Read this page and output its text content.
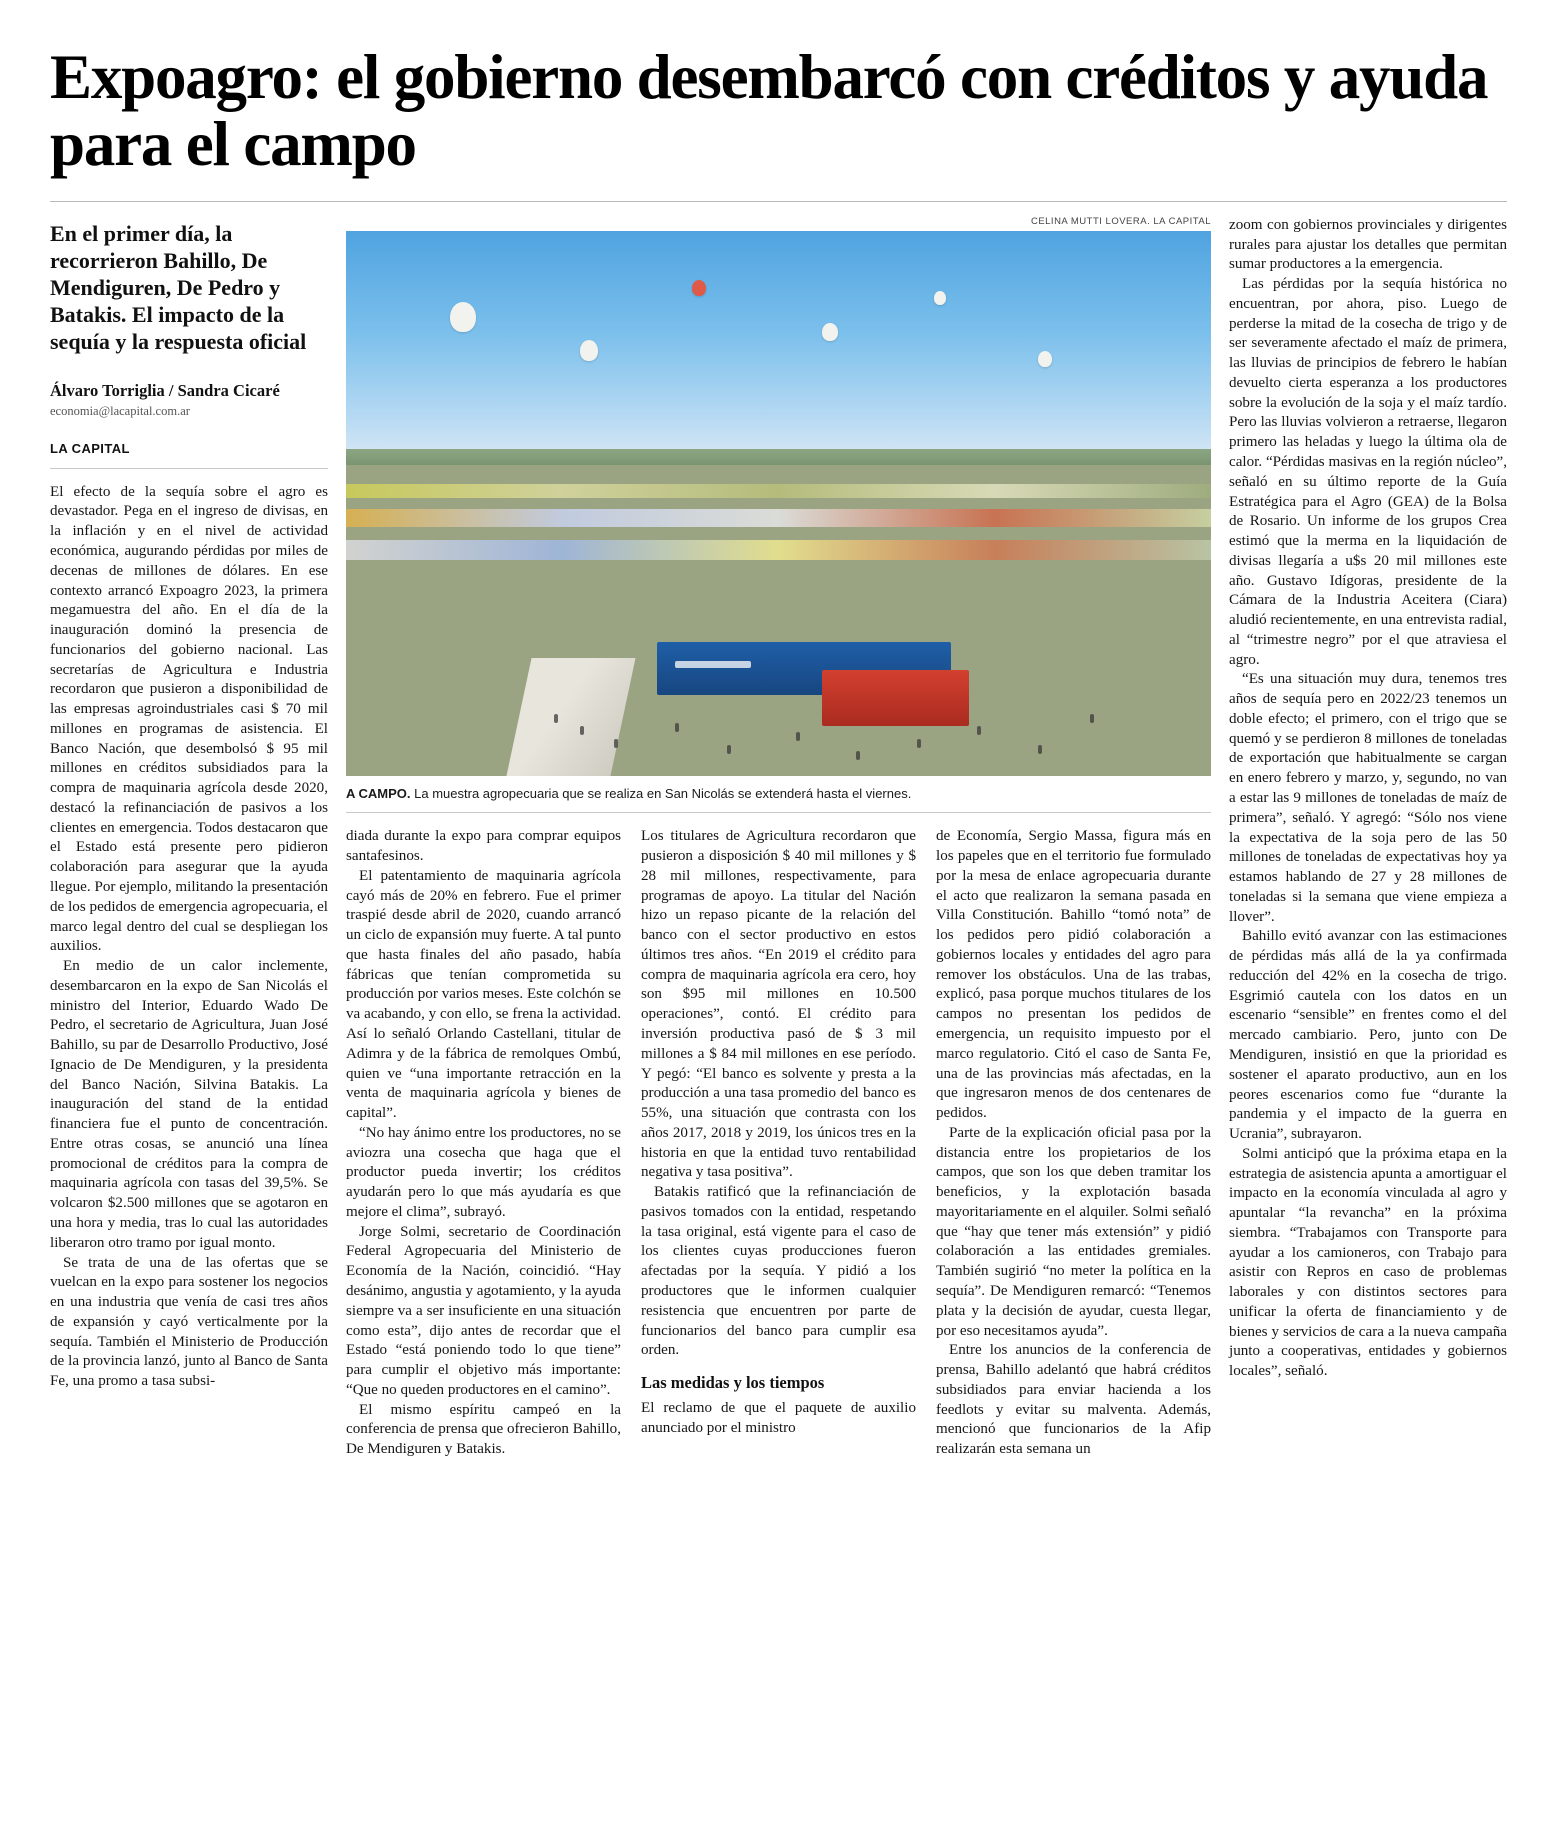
Expoagro: el gobierno desembarcó con créditos y ayuda para el campo
En el primer día, la recorrieron Bahillo, De Mendiguren, De Pedro y Batakis. El impacto de la sequía y la respuesta oficial
Álvaro Torriglia / Sandra Cicaré
economia@lacapital.com.ar
LA CAPITAL

El efecto de la sequía sobre el agro es devastador. Pega en el ingreso de divisas, en la inflación y en el nivel de actividad económica, augurando pérdidas por miles de decenas de millones de dólares. En ese contexto arrancó Expoagro 2023, la primera megamuestra del año. En el día de la inauguración dominó la presencia de funcionarios del gobierno nacional. Las secretarías de Agricultura e Industria recordaron que pusieron a disponibilidad de las empresas agroindustriales casi $ 70 mil millones en programas de asistencia. El Banco Nación, que desembolsó $ 95 mil millones en créditos subsidiados para la compra de maquinaria agrícola desde 2020, destacó la refinanciación de pasivos a los clientes en emergencia. Todos destacaron que el Estado está presente pero pidieron colaboración para asegurar que la ayuda llegue. Por ejemplo, militando la presentación de los pedidos de emergencia agropecuaria, el marco legal dentro del cual se despliegan los auxilios.

En medio de un calor inclemente, desembarcaron en la expo de San Nicolás el ministro del Interior, Eduardo Wado De Pedro, el secretario de Agricultura, Juan José Bahillo, su par de Desarrollo Productivo, José Ignacio de De Mendiguren, y la presidenta del Banco Nación, Silvina Batakis. La inauguración del stand de la entidad financiera fue el punto de concentración. Entre otras cosas, se anunció una línea promocional de créditos para la compra de maquinaria agrícola con tasas del 39,5%. Se volcaron $2.500 millones que se agotaron en una hora y media, tras lo cual las autoridades liberaron otro tramo por igual monto.

Se trata de una de las ofertas que se vuelcan en la expo para sostener los negocios en una industria que venía de casi tres años de expansión y cayó verticalmente por la sequía. También el Ministerio de Producción de la provincia lanzó, junto al Banco de Santa Fe, una promo a tasa subsi-

CELINA MUTTI LOVERA. LA CAPITAL
A CAMPO. La muestra agropecuaria que se realiza en San Nicolás se extenderá hasta el viernes.

diada durante la expo para comprar equipos santafesinos.

El patentamiento de maquinaria agrícola cayó más de 20% en febrero. Fue el primer traspié desde abril de 2020, cuando arrancó un ciclo de expansión muy fuerte. A tal punto que hasta finales del año pasado, había fábricas que tenían comprometida su producción por varios meses. Este colchón se va acabando, y con ello, se frena la actividad. Así lo señaló Orlando Castellani, titular de Adimra y de la fábrica de remolques Ombú, quien ve “una importante retracción en la venta de maquinaria agrícola y bienes de capital”.

“No hay ánimo entre los productores, no se aviozra una cosecha que haga que el productor pueda invertir; los créditos ayudarán pero lo que más ayudaría es que mejore el clima”, subrayó.

Jorge Solmi, secretario de Coordinación Federal Agropecuaria del Ministerio de Economía de la Nación, coincidió. “Hay desánimo, angustia y agotamiento, y la ayuda siempre va a ser insuficiente en una situación como esta”, dijo antes de recordar que el Estado “está poniendo todo lo que tiene” para cumplir el objetivo más importante: “Que no queden productores en el camino”.

El mismo espíritu campeó en la conferencia de prensa que ofrecieron Bahillo, De Mendiguren y Batakis.

Los titulares de Agricultura recordaron que pusieron a disposición $ 40 mil millones y $ 28 mil millones, respectivamente, para programas de apoyo. La titular del Nación hizo un repaso picante de la relación del banco con el sector productivo en estos últimos tres años. “En 2019 el crédito para compra de maquinaria agrícola era cero, hoy son $95 mil millones en 10.500 operaciones”, contó. El crédito para inversión productiva pasó de $ 3 mil millones a $ 84 mil millones en ese período. Y pegó: “El banco es solvente y presta a la producción a una tasa promedio del banco es 55%, una situación que contrasta con los años 2017, 2018 y 2019, los únicos tres en la historia en que la entidad tuvo rentabilidad negativa y tasa positiva”.

Batakis ratificó que la refinanciación de pasivos tomados con la entidad, respetando la tasa original, está vigente para el caso de los clientes cuyas producciones fueron afectadas por la sequía. Y pidió a los productores que le informen cualquier resistencia que encuentren por parte de funcionarios del banco para cumplir esa orden.

Las medidas y los tiempos

El reclamo de que el paquete de auxilio anunciado por el ministro

de Economía, Sergio Massa, figura más en los papeles que en el territorio fue formulado por la mesa de enlace agropecuaria durante el acto que realizaron la semana pasada en Villa Constitución. Bahillo “tomó nota” de los pedidos pero pidió colaboración a gobiernos locales y entidades del agro para remover los obstáculos. Una de las trabas, explicó, pasa porque muchos titulares de los campos no presentan los pedidos de emergencia, un requisito impuesto por el marco regulatorio. Citó el caso de Santa Fe, una de las provincias más afectadas, en la que ingresaron menos de dos centenares de pedidos.

Parte de la explicación oficial pasa por la distancia entre los propietarios de los campos, que son los que deben tramitar los beneficios, y la explotación basada mayoritariamente en el alquiler. Solmi señaló que “hay que tener más extensión” y pidió colaboración a las entidades gremiales. También sugirió “no meter la política en la sequía”. De Mendiguren remarcó: “Tenemos plata y la decisión de ayudar, cuesta llegar, por eso necesitamos ayuda”.

Entre los anuncios de la conferencia de prensa, Bahillo adelantó que habrá créditos subsidiados para enviar hacienda a los feedlots y evitar su malventa. Además, mencionó que funcionarios de la Afip realizarán esta semana un

zoom con gobiernos provinciales y dirigentes rurales para ajustar los detalles que permitan sumar productores a la emergencia.

Las pérdidas por la sequía histórica no encuentran, por ahora, piso. Luego de perderse la mitad de la cosecha de trigo y de ser severamente afectado el maíz de primera, las lluvias de principios de febrero le habían devuelto cierta esperanza a los productores sobre la evolución de la soja y el maíz tardío. Pero las lluvias volvieron a retraerse, llegaron primero las heladas y luego la última ola de calor. “Pérdidas masivas en la región núcleo”, señaló en su último reporte de la Guía Estratégica para el Agro (GEA) de la Bolsa de Rosario. Un informe de los grupos Crea estimó que la merma en la liquidación de divisas llegaría a u$s 20 mil millones este año. Gustavo Idígoras, presidente de la Cámara de la Industria Aceitera (Ciara) aludió recientemente, en una entrevista radial, al “trimestre negro” por el que atraviesa el agro.

“Es una situación muy dura, tenemos tres años de sequía pero en 2022/23 tenemos un doble efecto; el primero, con el trigo que se quemó y se perdieron 8 millones de toneladas de exportación que habitualmente se cargan en enero febrero y marzo, y, segundo, no van a estar las 9 millones de toneladas de maíz de primera”, señaló. Y agregó: “Sólo nos viene la expectativa de la soja pero de las 50 millones de toneladas de expectativas hoy ya estamos hablando de 27 y 28 millones de toneladas si la semana que viene empieza a llover”.

Bahillo evitó avanzar con las estimaciones de pérdidas más allá de la ya confirmada reducción del 42% en la cosecha de trigo. Esgrimió cautela con los datos en un escenario “sensible” en frentes como el del mercado cambiario. Pero, junto con De Mendiguren, insistió en que la prioridad es sostener el aparato productivo, aun en los peores escenarios como fue “durante la pandemia y el impacto de la guerra en Ucrania”, subrayaron.

Solmi anticipó que la próxima etapa en la estrategia de asistencia apunta a amortiguar el impacto en la economía vinculada al agro y apuntalar “la revancha” en la próxima siembra. “Trabajamos con Transporte para ayudar a los camioneros, con Trabajo para asistir con Repros en caso de problemas laborales y con distintos sectores para unificar la oferta de financiamiento y de bienes y servicios de cara a la nueva campaña junto a cooperativas, entidades y gobiernos locales”, señaló.
